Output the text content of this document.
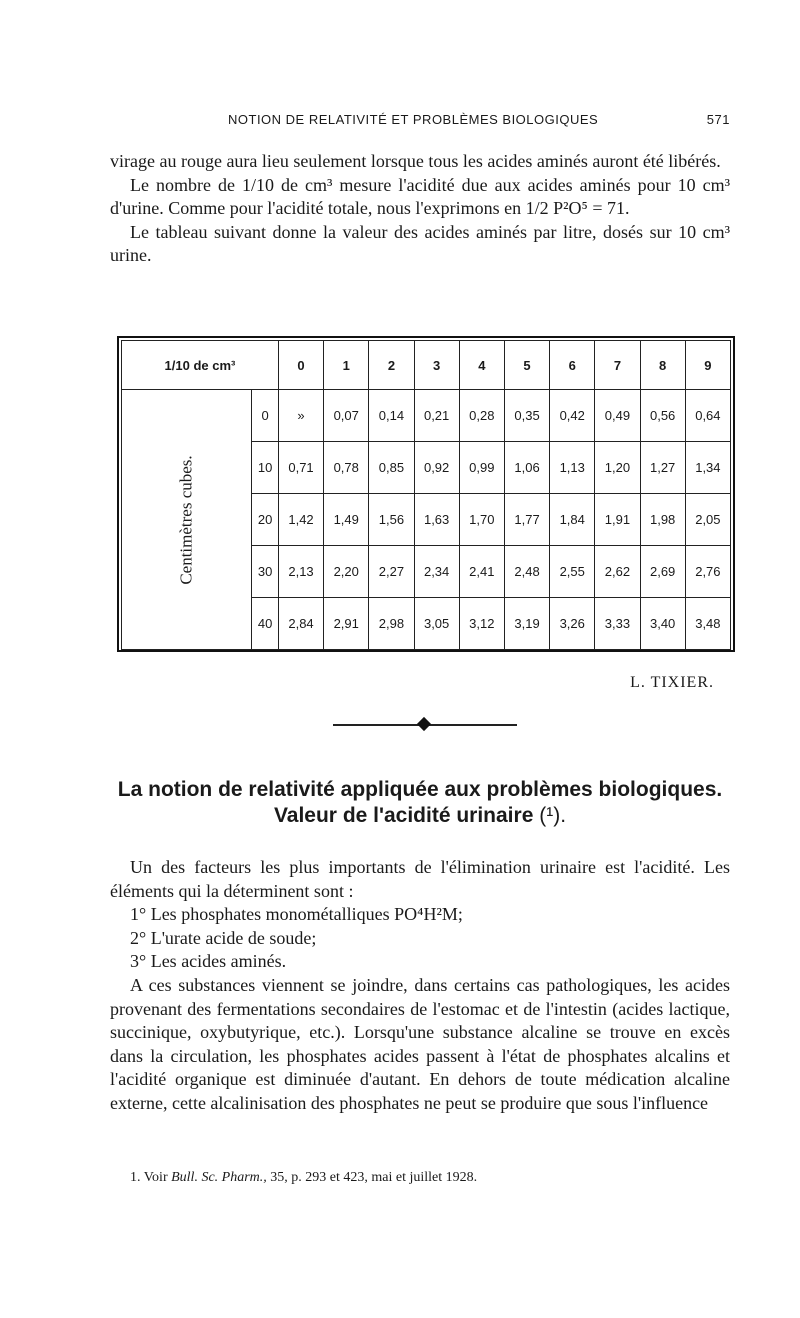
NOTION DE RELATIVITÉ ET PROBLÈMES BIOLOGIQUES	571

virage au rouge aura lieu seulement lorsque tous les acides aminés auront été libérés.

Le nombre de 1/10 de cm³ mesure l'acidité due aux acides aminés pour 10 cm³ d'urine. Comme pour l'acidité totale, nous l'exprimons en 1/2 P²O⁵ = 71.

Le tableau suivant donne la valeur des acides aminés par litre, dosés sur 10 cm³ urine.

1/10 de cm³		0	1	2	3	4	5	6	7	8	9
Centimètres cubes.	0	»	0,07	0,14	0,21	0,28	0,35	0,42	0,49	0,56	0,64
	10	0,71	0,78	0,85	0,92	0,99	1,06	1,13	1,20	1,27	1,34
	20	1,42	1,49	1,56	1,63	1,70	1,77	1,84	1,91	1,98	2,05
	30	2,13	2,20	2,27	2,34	2,41	2,48	2,55	2,62	2,69	2,76
	40	2,84	2,91	2,98	3,05	3,12	3,19	3,26	3,33	3,40	3,48
L. TIXIER.
La notion de relativité appliquée aux problèmes biologiques.
Valeur de l'acidité urinaire (¹).

Un des facteurs les plus importants de l'élimination urinaire est l'acidité. Les éléments qui la déterminent sont :

1° Les phosphates monométalliques PO⁴H²M;

2° L'urate acide de soude;

3° Les acides aminés.

A ces substances viennent se joindre, dans certains cas pathologiques, les acides provenant des fermentations secondaires de l'estomac et de l'intestin (acides lactique, succinique, oxybutyrique, etc.). Lorsqu'une substance alcaline se trouve en excès dans la circulation, les phosphates acides passent à l'état de phosphates alcalins et l'acidité organique est diminuée d'autant. En dehors de toute médication alcaline externe, cette alcalinisation des phosphates ne peut se produire que sous l'influence

1. Voir Bull. Sc. Pharm., 35, p. 293 et 423, mai et juillet 1928.
